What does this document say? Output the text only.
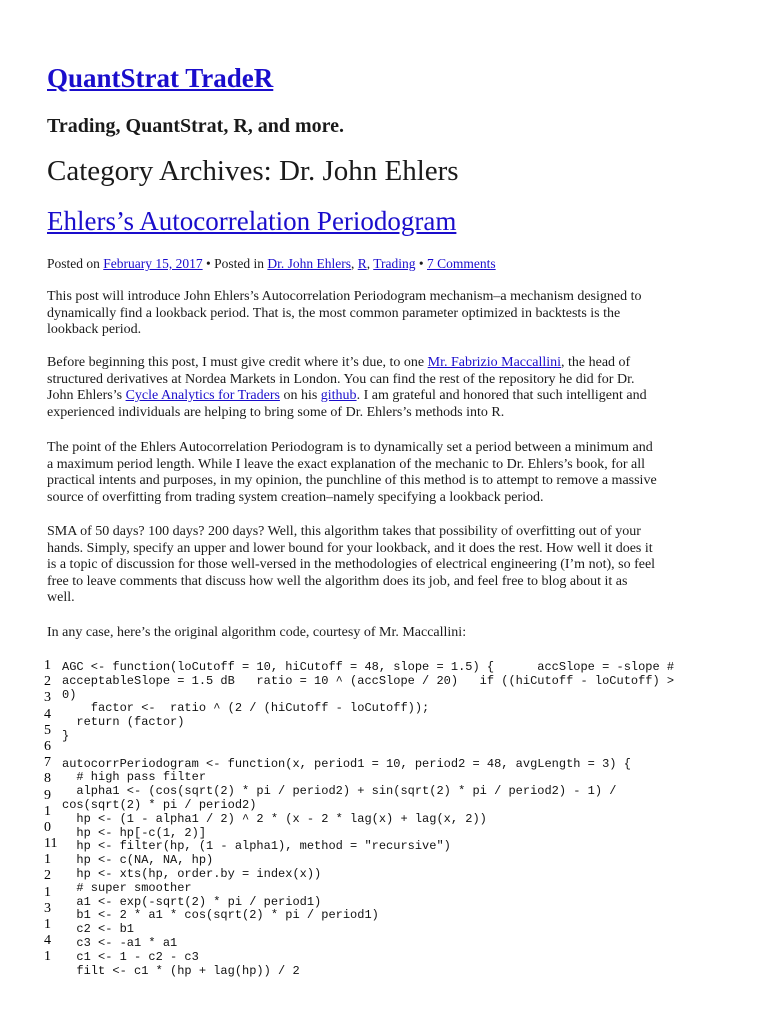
QuantStrat TradeR
Trading, QuantStrat, R, and more.
Category Archives: Dr. John Ehlers
Ehlers’s Autocorrelation Periodogram
Posted on February 15, 2017 • Posted in Dr. John Ehlers, R, Trading • 7 Comments
This post will introduce John Ehlers’s Autocorrelation Periodogram mechanism–a mechanism designed to
dynamically find a lookback period. That is, the most common parameter optimized in backtests is the
lookback period.
Before beginning this post, I must give credit where it’s due, to one Mr. Fabrizio Maccallini, the head of
structured derivatives at Nordea Markets in London. You can find the rest of the repository he did for Dr.
John Ehlers’s Cycle Analytics for Traders on his github. I am grateful and honored that such intelligent and
experienced individuals are helping to bring some of Dr. Ehlers’s methods into R.
The point of the Ehlers Autocorrelation Periodogram is to dynamically set a period between a minimum and
a maximum period length. While I leave the exact explanation of the mechanic to Dr. Ehlers’s book, for all
practical intents and purposes, in my opinion, the punchline of this method is to attempt to remove a massive
source of overfitting from trading system creation–namely specifying a lookback period.
SMA of 50 days? 100 days? 200 days? Well, this algorithm takes that possibility of overfitting out of your
hands. Simply, specify an upper and lower bound for your lookback, and it does the rest. How well it does it
is a topic of discussion for those well-versed in the methodologies of electrical engineering (I’m not), so feel
free to leave comments that discuss how well the algorithm does its job, and feel free to blog about it as
well.
In any case, here’s the original algorithm code, courtesy of Mr. Maccallini:
1
2
3
4
5
6
7
8
9
1
0
11
1
2
1
3
1
4
1
AGC <- function(loCutoff = 10, hiCutoff = 48, slope = 1.5) {      accSlope = -slope #
acceptableSlope = 1.5 dB   ratio = 10 ^ (accSlope / 20)   if ((hiCutoff - loCutoff) >
0)
factor <-  ratio ^ (2 / (hiCutoff - loCutoff));
return (factor)
}
autocorrPeriodogram <- function(x, period1 = 10, period2 = 48, avgLength = 3) {
# high pass filter
alpha1 <- (cos(sqrt(2) * pi / period2) + sin(sqrt(2) * pi / period2) - 1) /
cos(sqrt(2) * pi / period2)
hp <- (1 - alpha1 / 2) ^ 2 * (x - 2 * lag(x) + lag(x, 2))
hp <- hp[-c(1, 2)]
hp <- filter(hp, (1 - alpha1), method = "recursive")
hp <- c(NA, NA, hp)
hp <- xts(hp, order.by = index(x))
# super smoother
a1 <- exp(-sqrt(2) * pi / period1)
b1 <- 2 * a1 * cos(sqrt(2) * pi / period1)
c2 <- b1
c3 <- -a1 * a1
c1 <- 1 - c2 - c3
filt <- c1 * (hp + lag(hp)) / 2
